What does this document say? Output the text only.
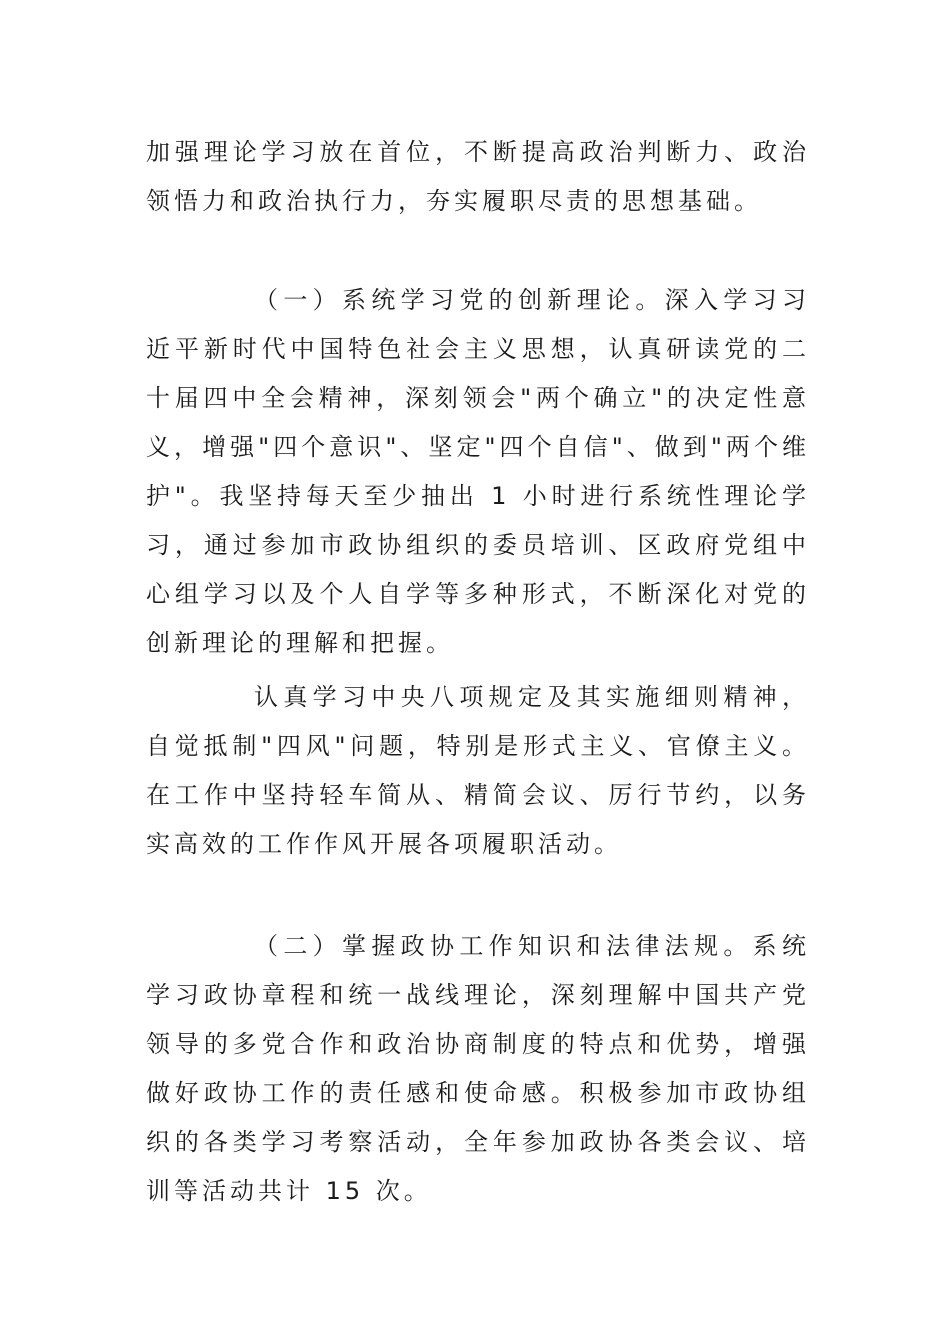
加强理论学习放在首位，不断提高政治判断力、政治领悟力和政治执行力，夯实履职尽责的思想基础。

（一）系统学习党的创新理论。深入学习习近平新时代中国特色社会主义思想，认真研读党的二十届四中全会精神，深刻领会"两个确立"的决定性意义，增强"四个意识"、坚定"四个自信"、做到"两个维护"。我坚持每天至少抽出 1 小时进行系统性理论学习，通过参加市政协组织的委员培训、区政府党组中心组学习以及个人自学等多种形式，不断深化对党的创新理论的理解和把握。

认真学习中央八项规定及其实施细则精神，自觉抵制"四风"问题，特别是形式主义、官僚主义。在工作中坚持轻车简从、精简会议、厉行节约，以务实高效的工作作风开展各项履职活动。

（二）掌握政协工作知识和法律法规。系统学习政协章程和统一战线理论，深刻理解中国共产党领导的多党合作和政治协商制度的特点和优势，增强做好政协工作的责任感和使命感。积极参加市政协组织的各类学习考察活动，全年参加政协各类会议、培训等活动共计 15 次。
